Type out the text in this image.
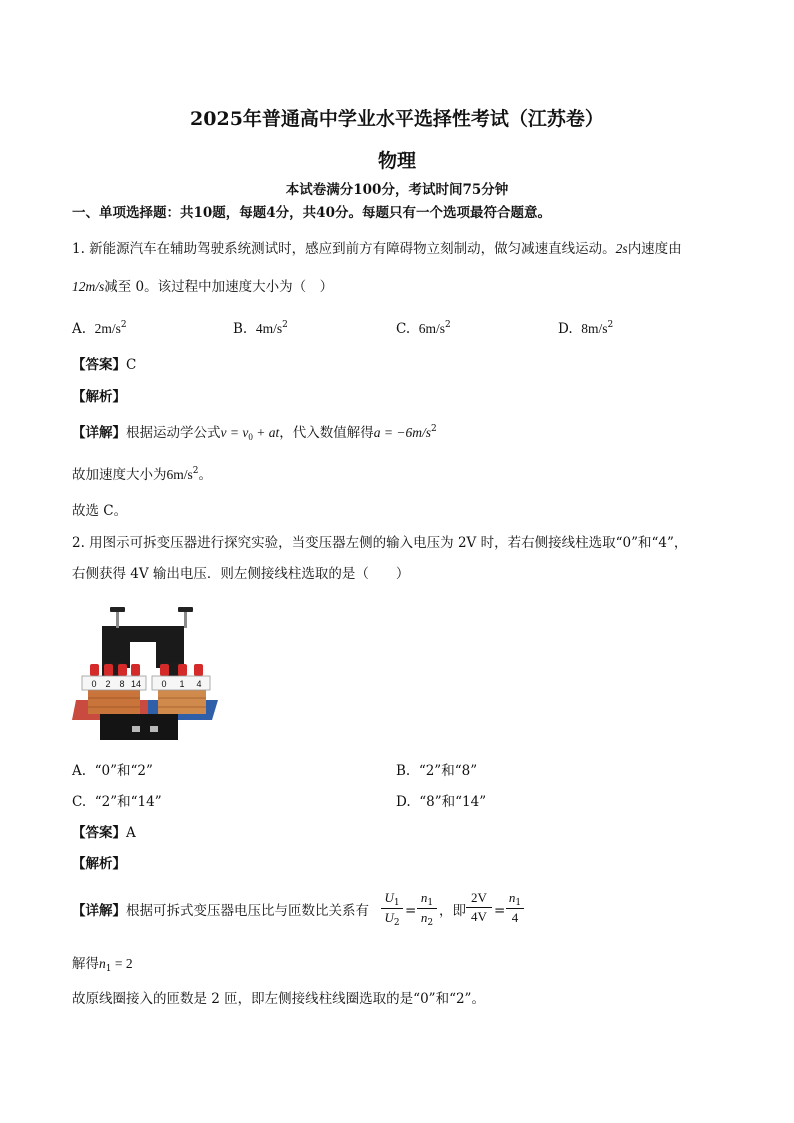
2025年普通高中学业水平选择性考试（江苏卷）
物理
本试卷满分100分，考试时间75分钟
一、单项选择题：共10题，每题4分，共40分。每题只有一个选项最符合题意。
1. 新能源汽车在辅助驾驶系统测试时，感应到前方有障碍物立刻制动，做匀减速直线运动。2s内速度由
12m/s减至 0。该过程中加速度大小为（　）
A. $2m/s^2$	B. $4m/s^2$	C. $6m/s^2$	D. $8m/s^2$
【答案】C
【解析】
【详解】根据运动学公式$v = v_0$ + at，代入数值解得$a = -6m/s^2$
故加速度大小为$6m/s^2$。
故选 C。
2. 用图示可拆变压器进行探究实验，当变压器左侧的输入电压为 2V 时，若右侧接线柱选取“0”和“4”，
右侧获得 4V 输出电压．则左侧接线柱选取的是（　　）
0 2 8 14 0 1 4
A. “0”和“2”	B. “2”和“8”
C. “2”和“14”	D. “8”和“14”
【答案】A
【解析】
【详解】根据可拆式变压器电压比与匝数比关系有
$U_1$
$U_2$
=
$n_1$
$n_2$
，即
2V
4V =
$n_1$
4
解得$n_1 = 2$
故原线圈接入的匝数是 2 匝，即左侧接线柱线圈选取的是“0”和“2”。
